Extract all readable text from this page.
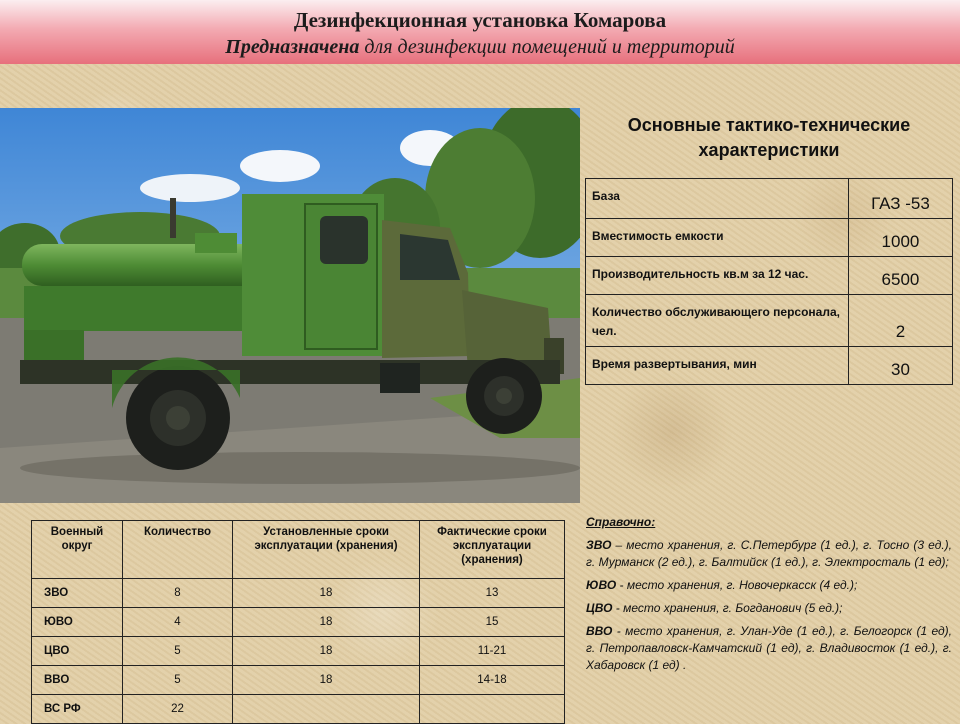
Дезинфекционная установка Комарова
Предназначена для дезинфекции помещений и территорий
Основные тактико-технические характеристики
База	ГАЗ -53
Вместимость емкости	1000
Производительность кв.м за 12 час.	6500
Количество обслуживающего персонала, чел.	2
Время развертывания, мин	30
Военный округ	Количество	Установленные сроки эксплуатации (хранения)	Фактические сроки эксплуатации (хранения)
ЗВО	8	18	13
ЮВО	4	18	15
ЦВО	5	18	11-21
ВВО	5	18	14-18
ВС РФ	22		
Справочно:

ЗВО – место хранения, г. С.Петербург (1 ед.), г. Тосно (3 ед.), г. Мурманск (2 ед.), г. Балтийск (1 ед.), г. Электросталь (1 ед);

ЮВО - место хранения, г. Новочеркасск (4 ед.);

ЦВО - место хранения, г. Богданович (5 ед.);

ВВО - место хранения, г. Улан-Уде (1 ед.), г. Белогорск (1 ед), г. Петропавловск-Камчатский (1 ед), г. Владивосток (1 ед.), г. Хабаровск (1 ед) .
